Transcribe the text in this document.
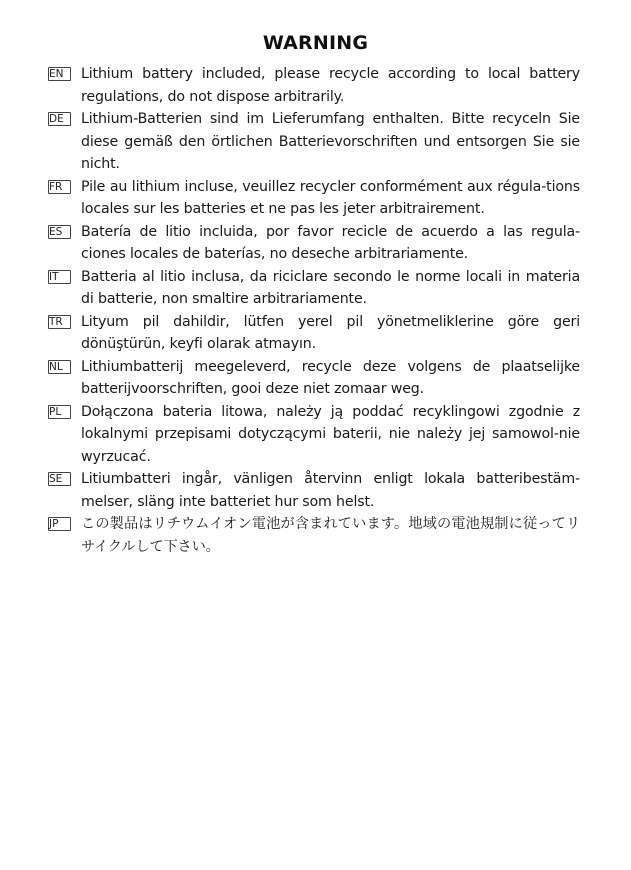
WARNING
EN	Lithium battery included, please recycle according to local battery regulations, do not dispose arbitrarily.
DE	Lithium-Batterien sind im Lieferumfang enthalten. Bitte recyceln Sie diese gemäß den örtlichen Batterievorschriften und entsorgen Sie sie nicht.
FR	Pile au lithium incluse, veuillez recycler conformément aux régula-tions locales sur les batteries et ne pas les jeter arbitrairement.
ES	Batería de litio incluida, por favor recicle de acuerdo a las regula-ciones locales de baterías, no deseche arbitrariamente.
IT	Batteria al litio inclusa, da riciclare secondo le norme locali in materia di batterie, non smaltire arbitrariamente.
TR	Lityum pil dahildir, lütfen yerel pil yönetmeliklerine göre geri dönüştürün, keyfi olarak atmayın.
NL	Lithiumbatterij meegeleverd, recycle deze volgens de plaatselijke batterijvoorschriften, gooi deze niet zomaar weg.
PL	Dołączona bateria litowa, należy ją poddać recyklingowi zgodnie z lokalnymi przepisami dotyczącymi baterii, nie należy jej samowol-nie wyrzucać.
SE	Litiumbatteri ingår, vänligen återvinn enligt lokala batteribestäm-melser, släng inte batteriet hur som helst.
JP	この製品はリチウムイオン電池が含まれています。地域の電池規制に従ってリサイクルして下さい。
